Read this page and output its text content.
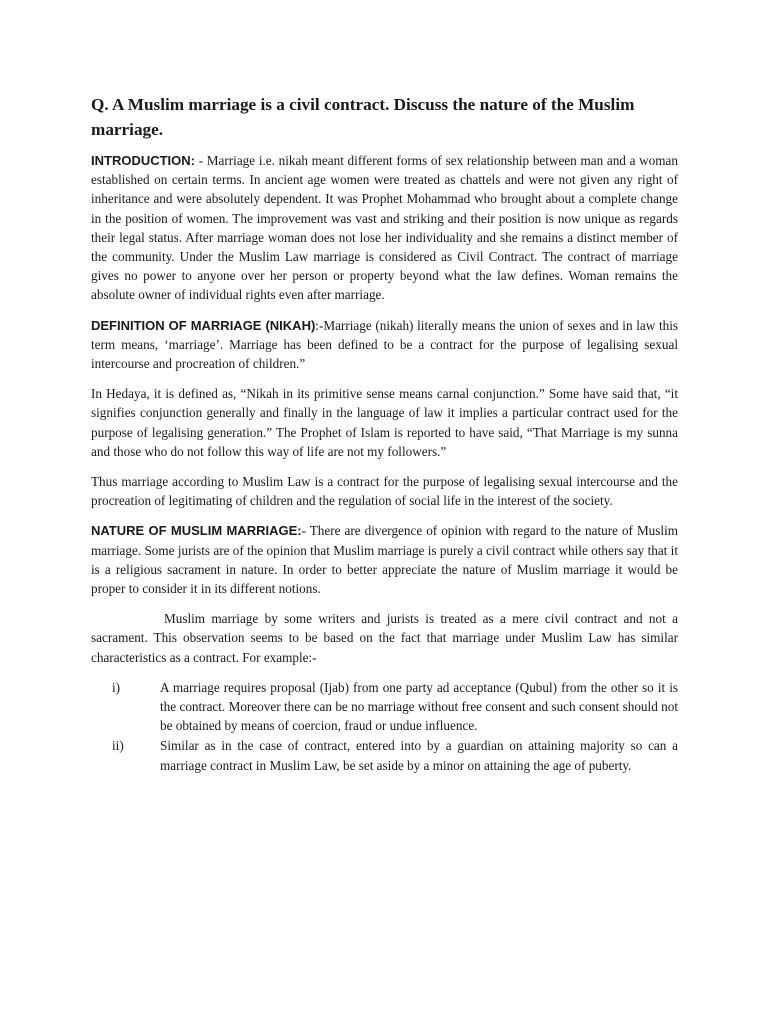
Q. A Muslim marriage is a civil contract. Discuss the nature of the Muslim marriage.

INTRODUCTION: - Marriage i.e. nikah meant different forms of sex relationship between man and a woman established on certain terms. In ancient age women were treated as chattels and were not given any right of inheritance and were absolutely dependent. It was Prophet Mohammad who brought about a complete change in the position of women. The improvement was vast and striking and their position is now unique as regards their legal status. After marriage woman does not lose her individuality and she remains a distinct member of the community. Under the Muslim Law marriage is considered as Civil Contract. The contract of marriage gives no power to anyone over her person or property beyond what the law defines. Woman remains the absolute owner of individual rights even after marriage.

DEFINITION OF MARRIAGE (NIKAH):-Marriage (nikah) literally means the union of sexes and in law this term means, ‘marriage’. Marriage has been defined to be a contract for the purpose of legalising sexual intercourse and procreation of children.”

In Hedaya, it is defined as, “Nikah in its primitive sense means carnal conjunction.” Some have said that, “it signifies conjunction generally and finally in the language of law it implies a particular contract used for the purpose of legalising generation.” The Prophet of Islam is reported to have said, “That Marriage is my sunna and those who do not follow this way of life are not my followers.”

Thus marriage according to Muslim Law is a contract for the purpose of legalising sexual intercourse and the procreation of legitimating of children and the regulation of social life in the interest of the society.

NATURE OF MUSLIM MARRIAGE:- There are divergence of opinion with regard to the nature of Muslim marriage. Some jurists are of the opinion that Muslim marriage is purely a civil contract while others say that it is a religious sacrament in nature. In order to better appreciate the nature of Muslim marriage it would be proper to consider it in its different notions.

Muslim marriage by some writers and jurists is treated as a mere civil contract and not a sacrament. This observation seems to be based on the fact that marriage under Muslim Law has similar characteristics as a contract. For example:-

i)	A marriage requires proposal (Ijab) from one party ad acceptance (Qubul) from the other so it is the contract. Moreover there can be no marriage without free consent and such consent should not be obtained by means of coercion, fraud or undue influence.
ii)	Similar as in the case of contract, entered into by a guardian on attaining majority so can a marriage contract in Muslim Law, be set aside by a minor on attaining the age of puberty.
